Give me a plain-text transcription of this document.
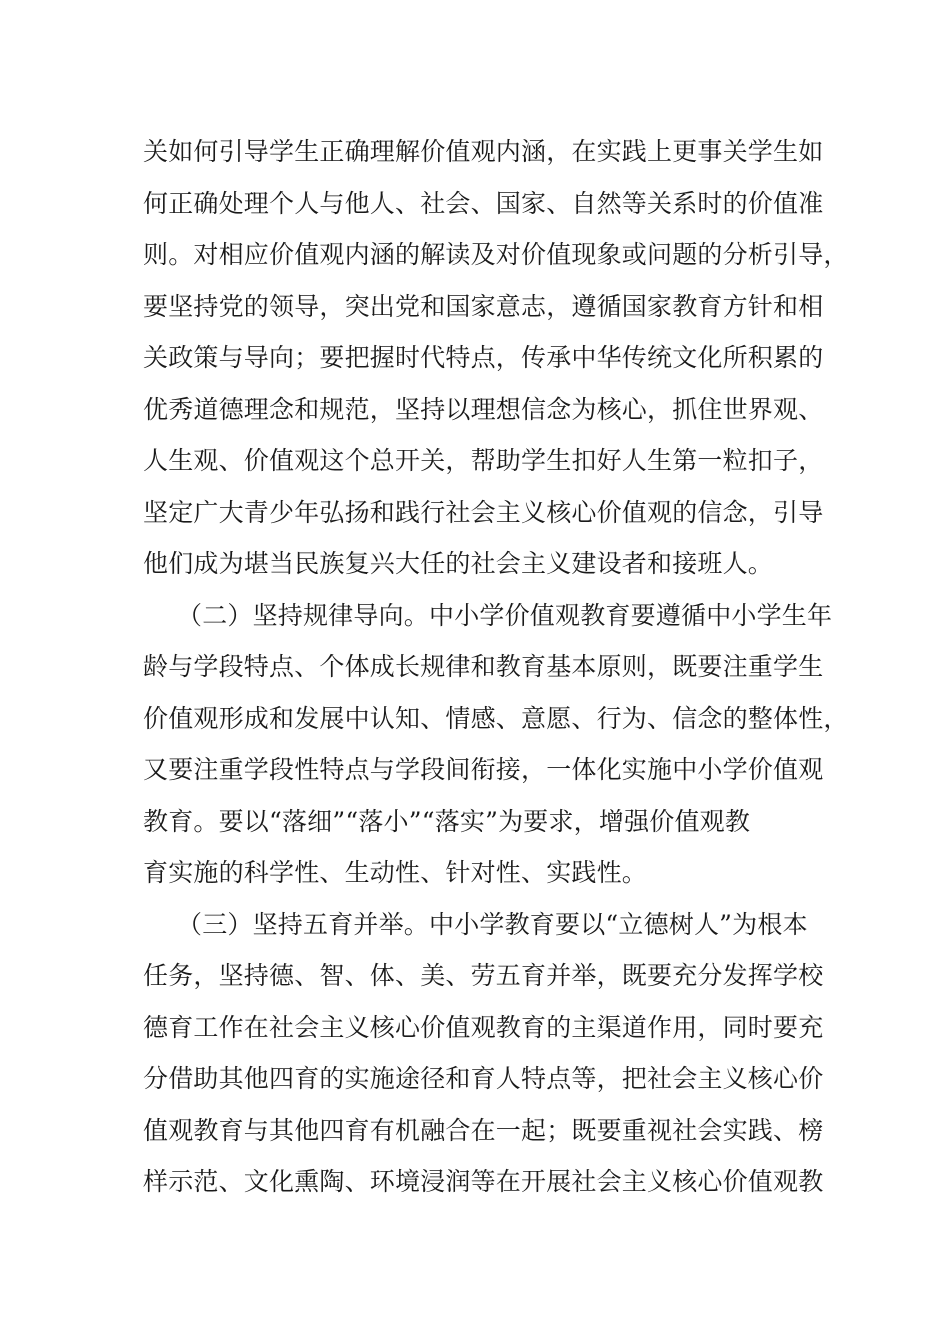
关如何引导学生正确理解价值观内涵，在实践上更事关学生如
何正确处理个人与他人、社会、国家、自然等关系时的价值准
则。对相应价值观内涵的解读及对价值现象或问题的分析引导，
要坚持党的领导，突出党和国家意志，遵循国家教育方针和相
关政策与导向；要把握时代特点，传承中华传统文化所积累的
优秀道德理念和规范，坚持以理想信念为核心，抓住世界观、
人生观、价值观这个总开关，帮助学生扣好人生第一粒扣子，
坚定广大青少年弘扬和践行社会主义核心价值观的信念，引导
他们成为堪当民族复兴大任的社会主义建设者和接班人。
（二）坚持规律导向。中小学价值观教育要遵循中小学生年
龄与学段特点、个体成长规律和教育基本原则，既要注重学生
价值观形成和发展中认知、情感、意愿、行为、信念的整体性，
又要注重学段性特点与学段间衔接，一体化实施中小学价值观
教育。要以“落细”“落小”“落实”为要求，增强价值观教
育实施的科学性、生动性、针对性、实践性。
（三）坚持五育并举。中小学教育要以“立德树人”为根本
任务，坚持德、智、体、美、劳五育并举，既要充分发挥学校
德育工作在社会主义核心价值观教育的主渠道作用，同时要充
分借助其他四育的实施途径和育人特点等，把社会主义核心价
值观教育与其他四育有机融合在一起；既要重视社会实践、榜
样示范、文化熏陶、环境浸润等在开展社会主义核心价值观教
